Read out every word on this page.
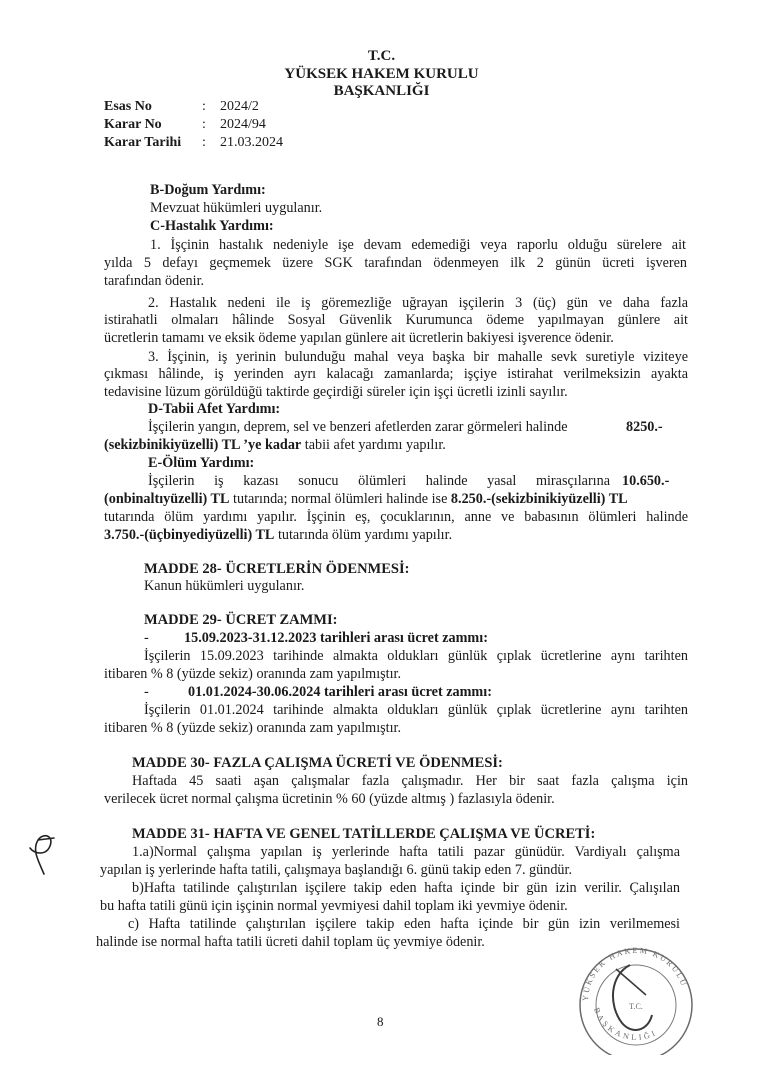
T.C.
YÜKSEK HAKEM KURULU
BAŞKANLIĞI
Esas No	: 2024/2
Karar No	: 2024/94
Karar Tarihi : 21.03.2024
B-Doğum Yardımı:
Mevzuat hükümleri uygulanır.
C-Hastalık Yardımı:
1. İşçinin hastalık nedeniyle işe devam edemediği veya raporlu olduğu sürelere ait
yılda 5 defayı geçmemek üzere SGK tarafından ödenmeyen ilk 2 günün ücreti işveren
tarafından ödenir.
2. Hastalık nedeni ile iş göremezliğe uğrayan işçilerin 3 (üç) gün ve daha fazla
istirahatli olmaları hâlinde Sosyal Güvenlik Kurumunca ödeme yapılmayan günlere ait
ücretlerin tamamı ve eksik ödeme yapılan günlere ait ücretlerin bakiyesi işverence ödenir.
3. İşçinin, iş yerinin bulunduğu mahal veya başka bir mahalle sevk suretiyle viziteye
çıkması hâlinde, iş yerinden ayrı kalacağı zamanlarda; işçiye istirahat verilmeksizin ayakta
tedavisine lüzum görüldüğü taktirde geçirdiği süreler için işçi ücretli izinli sayılır.
D-Tabii Afet Yardımı:
İşçilerin yangın, deprem, sel ve benzeri afetlerden zarar görmeleri halinde	8250.-
(sekizbinikiyüzelli) TL ’ye kadar tabii afet yardımı yapılır.
E-Ölüm Yardımı:
İşçilerin iş kazası sonucu ölümleri halinde yasal mirasçılarına 10.650.-
(onbinaltıyüzelli) TL tutarında; normal ölümleri halinde ise 8.250.-(sekizbinikiyüzelli) TL
tutarında ölüm yardımı yapılır. İşçinin eş, çocuklarının, anne ve babasının ölümleri halinde
3.750.-(üçbinyediyüzelli) TL tutarında ölüm yardımı yapılır.
MADDE 28- ÜCRETLERİN ÖDENMESİ:
Kanun hükümleri uygulanır.
MADDE 29- ÜCRET ZAMMI:
- 15.09.2023-31.12.2023 tarihleri arası ücret zammı:
İşçilerin 15.09.2023 tarihinde almakta oldukları günlük çıplak ücretlerine aynı tarihten
itibaren % 8 (yüzde sekiz) oranında zam yapılmıştır.
-	01.01.2024-30.06.2024 tarihleri arası ücret zammı:
İşçilerin 01.01.2024 tarihinde almakta oldukları günlük çıplak ücretlerine aynı tarihten
itibaren % 8 (yüzde sekiz) oranında zam yapılmıştır.
MADDE 30- FAZLA ÇALIŞMA ÜCRETİ VE ÖDENMESİ:
Haftada 45 saati aşan çalışmalar fazla çalışmadır. Her bir saat fazla çalışma için
verilecek ücret normal çalışma ücretinin % 60 (yüzde altmış ) fazlasıyla ödenir.
MADDE 31- HAFTA VE GENEL TATİLLERDE ÇALIŞMA VE ÜCRETİ:
1.a)Normal çalışma yapılan iş yerlerinde hafta tatili pazar günüdür. Vardiyalı çalışma
yapılan iş yerlerinde hafta tatili, çalışmaya başlandığı 6. günü takip eden 7. gündür.
b)Hafta tatilinde çalıştırılan işçilere takip eden hafta içinde bir gün izin verilir. Çalışılan
bu hafta tatili günü için işçinin normal yevmiyesi dahil toplam iki yevmiye ödenir.
c) Hafta tatilinde çalıştırılan işçilere takip eden hafta içinde bir gün izin verilmemesi
halinde ise normal hafta tatili ücreti dahil toplam üç yevmiye ödenir.
8
YÜKSEK HAKEM KURULU
BAŞKANLIĞI
T.C.
